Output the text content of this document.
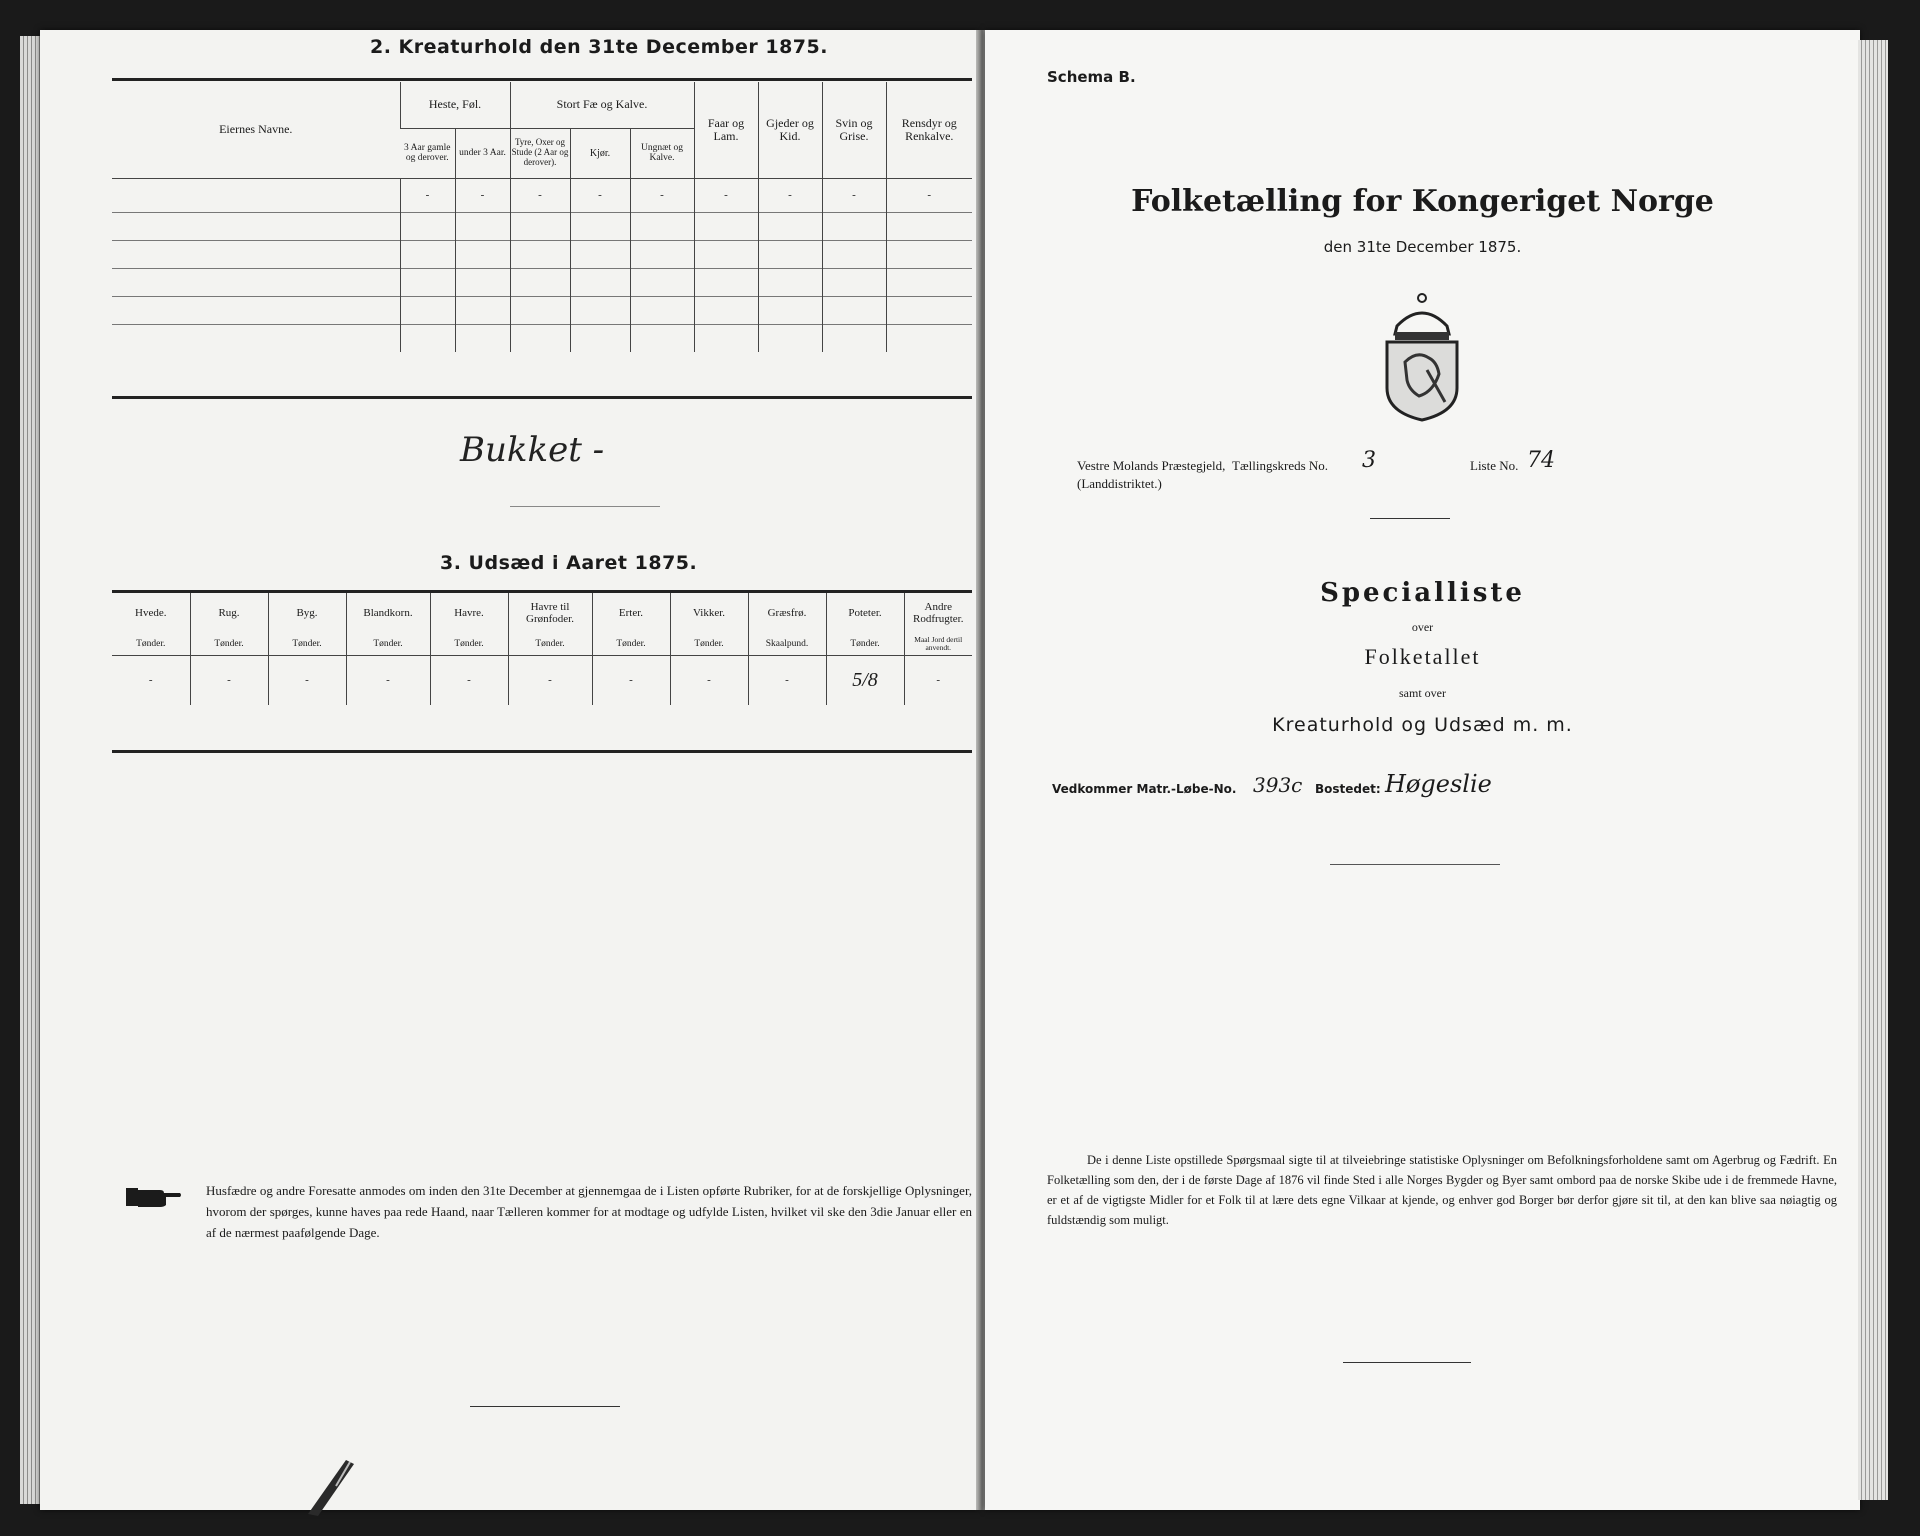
2. Kreaturhold den 31te December 1875.
Eiernes Navne.	Heste, Føl.		Stort Fæ og Kalve.			Faar og Lam.	Gjeder og Kid.	Svin og Grise.	Rensdyr og Renkalve.
	3 Aar gamle og derover.	under 3 Aar.	Tyre, Oxer og Stude (2 Aar og derover).	Kjør.	Ungnæt og Kalve.				
	-	-	-	-	-	-	-	-	-

Bukket -
3. Udsæd i Aaret 1875.
Hvede.	Rug.	Byg.	Blandkorn.	Havre.	Havre til Grønfoder.	Erter.	Vikker.	Græsfrø.	Poteter.	Andre Rodfrugter.
Tønder.	Tønder.	Tønder.	Tønder.	Tønder.	Tønder.	Tønder.	Tønder.	Skaalpund.	Tønder.	Maal Jord dertil anvendt.
-	-	-	-	-	-	-	-	-	5/8	-
Husfædre og andre Foresatte anmodes om inden den 31te December at gjennemgaa de i Listen opførte Rubriker, for at de forskjellige Oplysninger, hvorom der spørges, kunne haves paa rede Haand, naar Tælleren kommer for at modtage og udfylde Listen, hvilket vil ske den 3die Januar eller en af de nærmest paafølgende Dage.
Schema B.
Folketælling for Kongeriget Norge
den 31te December 1875.
Vestre Molands Præstegjeld,
(Landdistriktet.)
Tællingskreds No. 3	Liste No. 74
Specialliste
over
Folketallet
samt over
Kreaturhold og Udsæd m. m.
Vedkommer Matr.-Løbe-No. 393c Bostedet: Høgeslie
De i denne Liste opstillede Spørgsmaal sigte til at tilveiebringe statistiske Oplysninger om Befolkningsforholdene samt om Agerbrug og Fædrift. En Folketælling som den, der i de første Dage af 1876 vil finde Sted i alle Norges Bygder og Byer samt ombord paa de norske Skibe ude i de fremmede Havne, er et af de vigtigste Midler for et Folk til at lære dets egne Vilkaar at kjende, og enhver god Borger bør derfor gjøre sit til, at den kan blive saa nøiagtig og fuldstændig som muligt.
